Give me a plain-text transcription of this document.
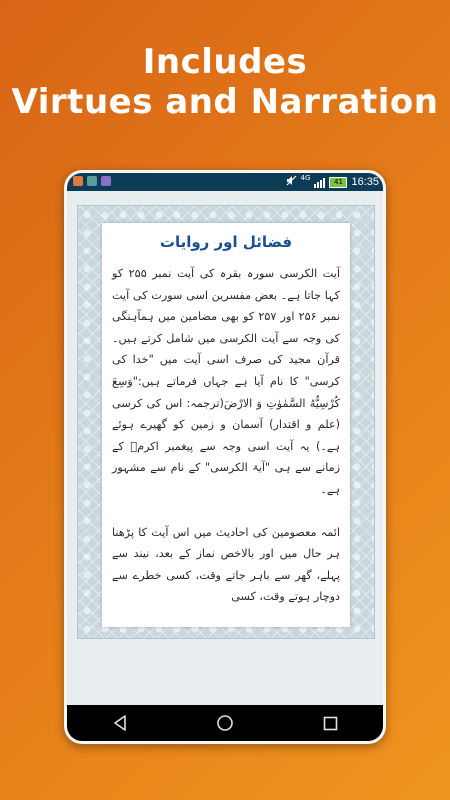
Includes
Virtues and Narration
4G	41 16:35
فضائل اور روایات

آیت الکرسی سورہ بقرہ کی آیت نمبر ۲۵۵ کو کہا جاتا ہے۔ بعض مفسرین اسی سورت کی آیت نمبر ۲۵۶ اور ۲۵۷ کو بھی مضامین میں ہمآہنگی کی وجہ سے آیت الکرسی میں شامل کرتے ہیں۔ قرآن مجید کی صرف اسی آیت میں "خدا کی کرسی" کا نام آیا ہے جہاں فرماتے ہیں:"وَسِعَ كُرْسِيُّهُ السَّمٰوٰتِ وَ الارْضَ(ترجمہ: اس کی کرسی (علم و اقتدار) آسمان و زمین کو گھیرے ہوئے ہے۔) یہ آیت اسی وجہ سے پیغمبر اکرمؐ کے زمانے سے ہی "آیۃ الکرسی" کے نام سے مشہور ہے۔

ائمہ معصومین کی احادیث میں اس آیت کا پڑھنا ہر حال میں اور بالاخص نماز کے بعد، نیند سے پہلے، گھر سے باہر جاتے وقت، کسی خطرے سے دوچار ہوتے وقت، کسی
